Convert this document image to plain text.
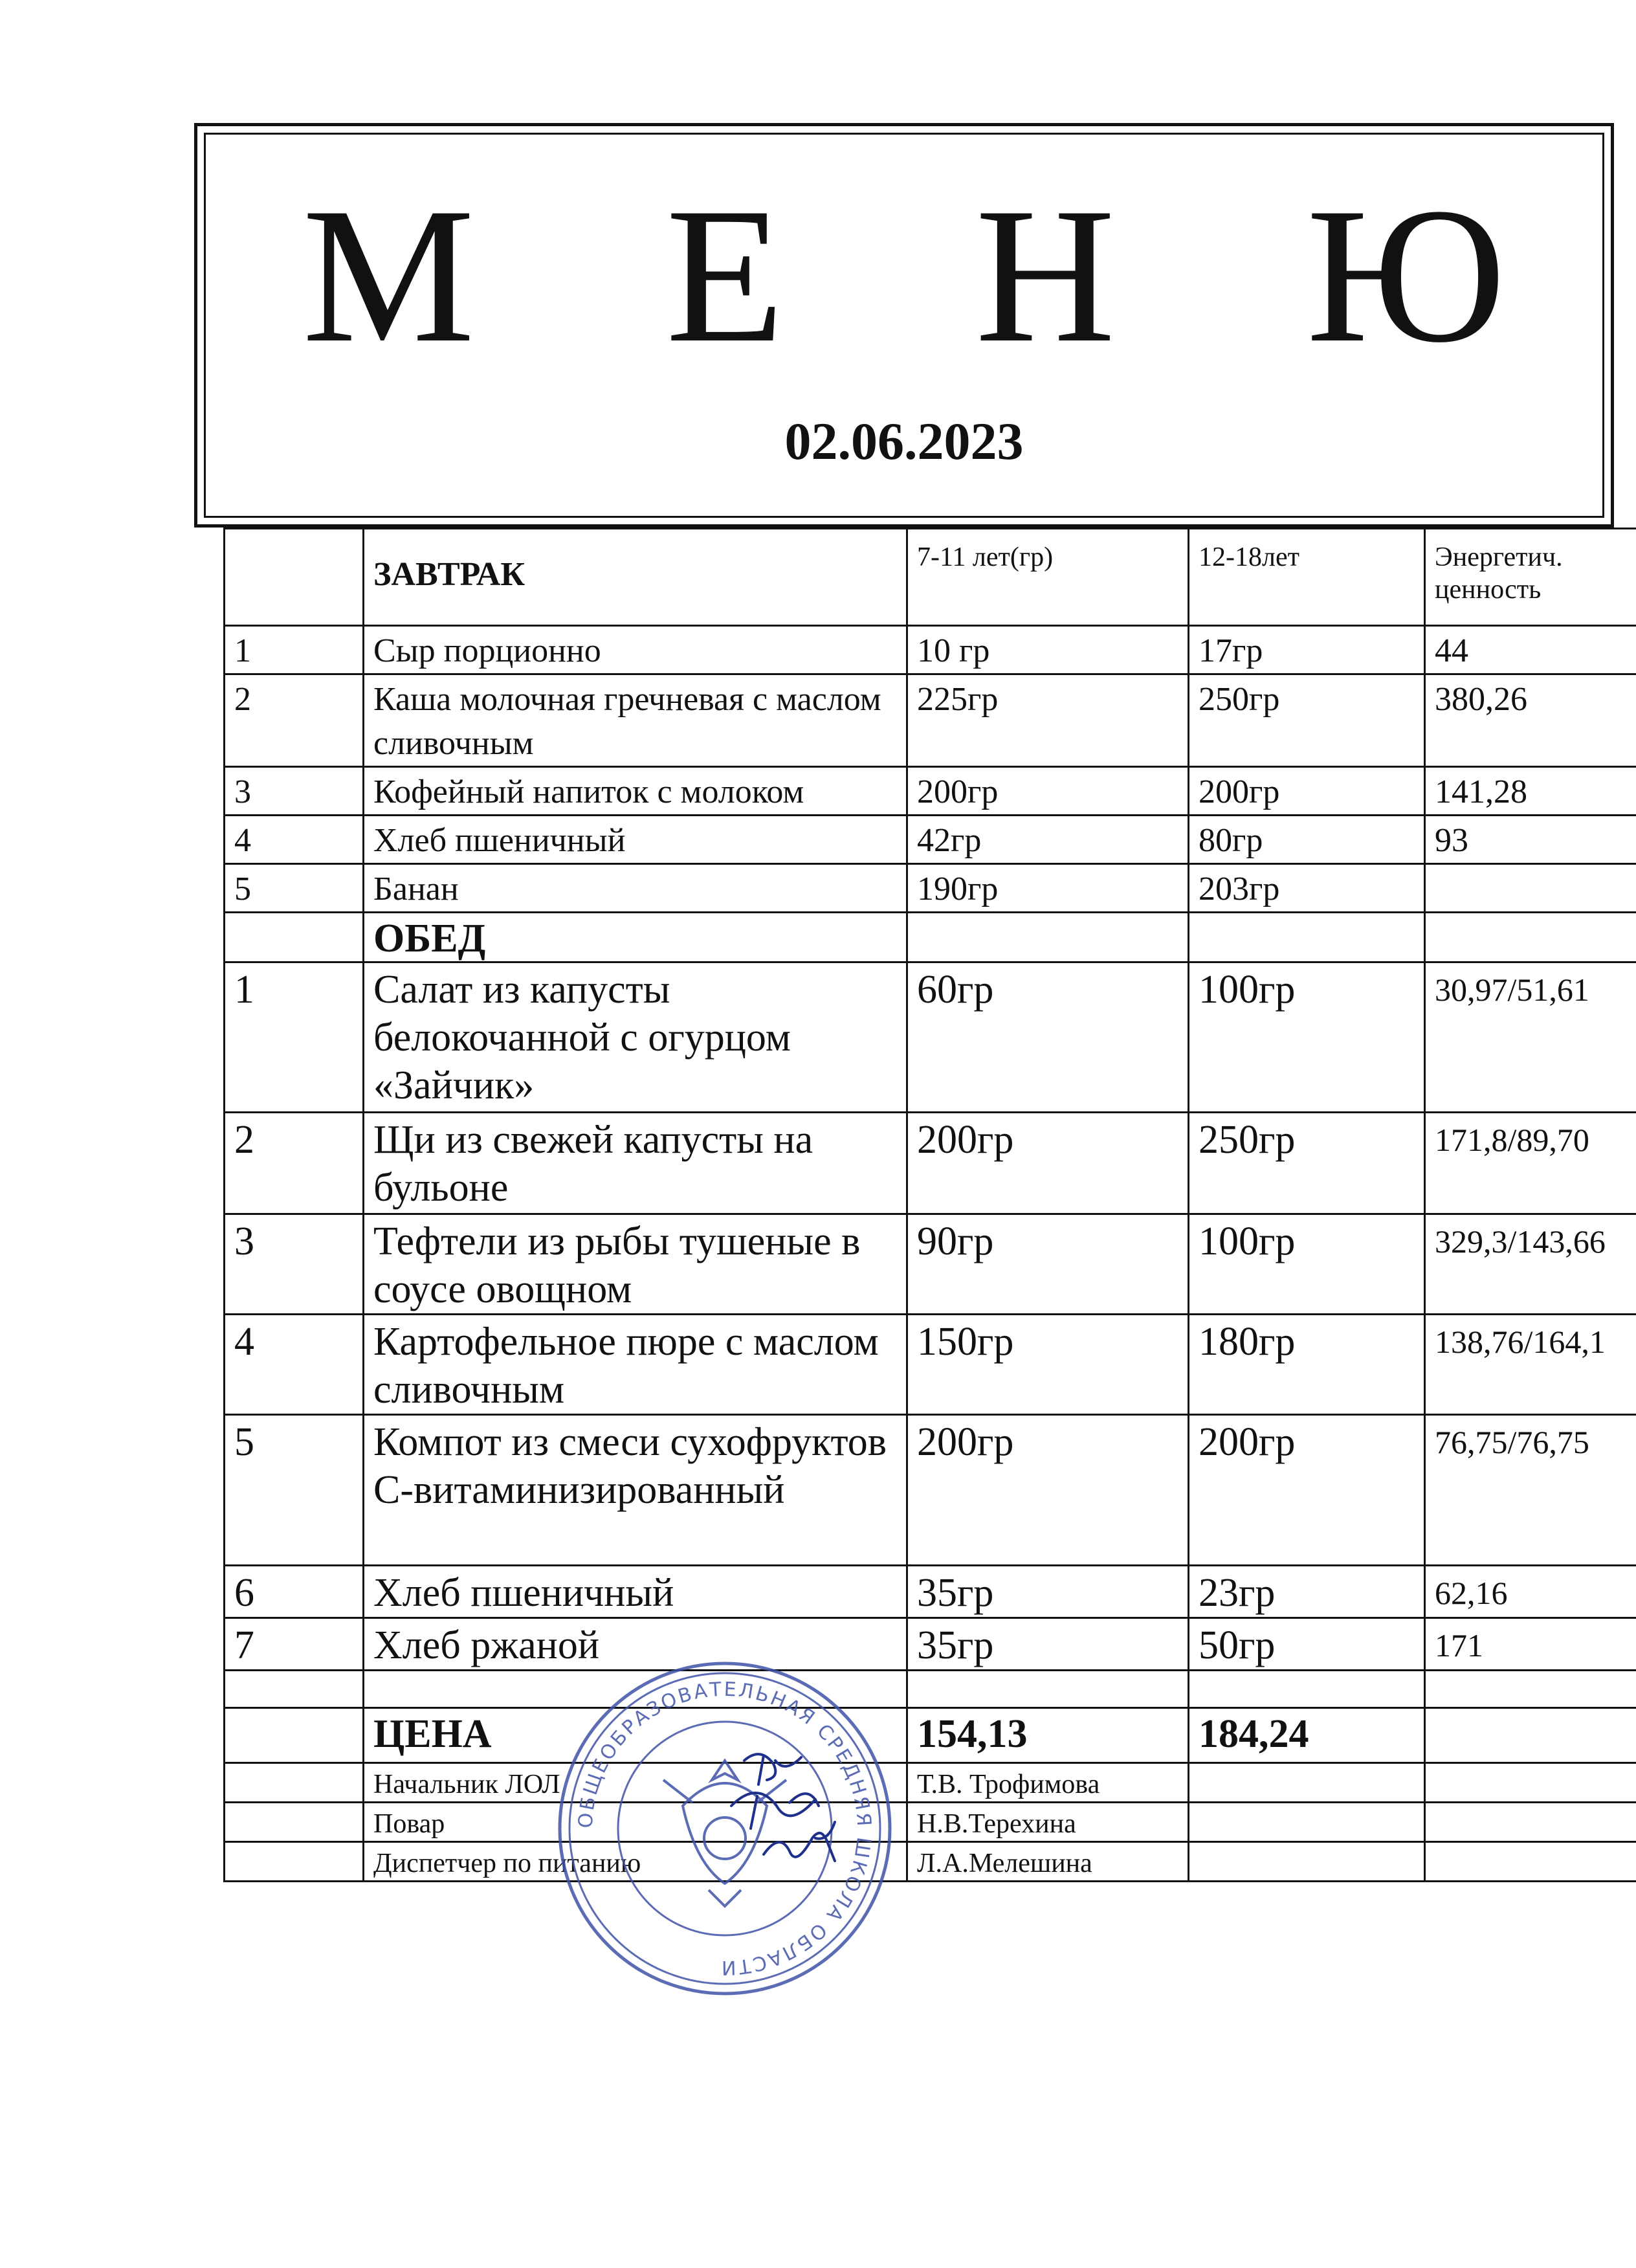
М Е Н Ю
02.06.2023
	ЗАВТРАК	7-11 лет(гр)	12-18лет	Энергетич. ценность
1	Сыр порционно	10 гр	17гр	44
2	Каша молочная гречневая с маслом сливочным	225гр	250гр	380,26
3	Кофейный напиток с молоком	200гр	200гр	141,28
4	Хлеб пшеничный	42гр	80гр	93
5	Банан	190гр	203гр	
	ОБЕД			
1	Салат из капусты белокочанной с огурцом «Зайчик»	60гр	100гр	30,97/51,61
2	Щи из свежей капусты на бульоне	200гр	250гр	171,8/89,70
3	Тефтели из рыбы тушеные в соусе овощном	90гр	100гр	329,3/143,66
4	Картофельное пюре с маслом сливочным	150гр	180гр	138,76/164,1
5	Компот из смеси сухофруктов С-витаминизированный	200гр	200гр	76,75/76,75
6	Хлеб пшеничный	35гр	23гр	62,16
7	Хлеб ржаной	35гр	50гр	171

	ЦЕНА	154,13	184,24	
	Начальник ЛОЛ	Т.В. Трофимова		
	Повар	Н.В.Терехина		
	Диспетчер по питанию	Л.А.Мелешина		
ОБЩЕОБРАЗОВАТЕЛЬНАЯ СРЕДНЯЯ ШКОЛА ОБЛАСТИ
